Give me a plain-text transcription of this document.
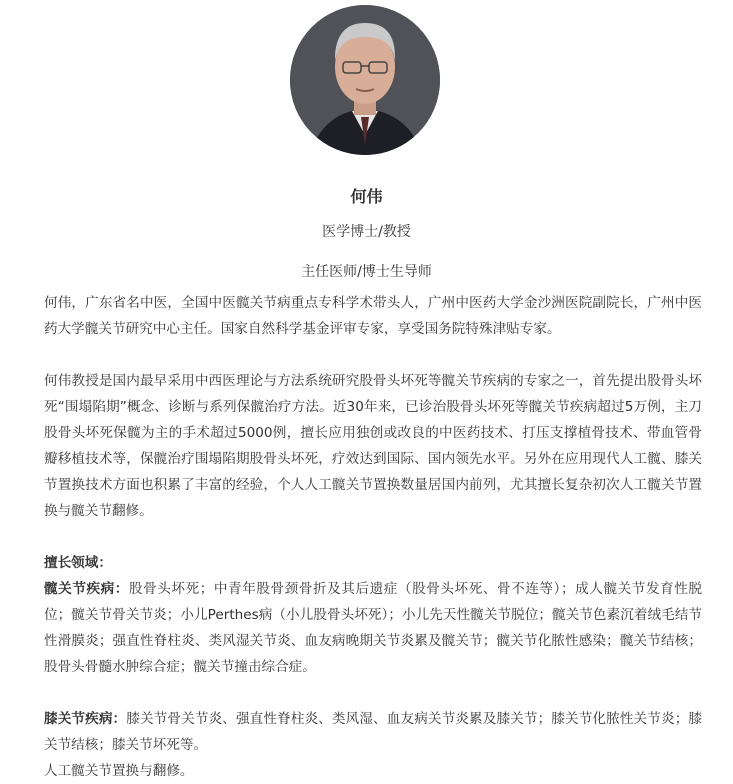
何伟
医学博士/教授
主任医师/博士生导师

何伟，广东省名中医，全国中医髋关节病重点专科学术带头人，广州中医药大学金沙洲医院副院长，广州中医药大学髋关节研究中心主任。国家自然科学基金评审专家，享受国务院特殊津贴专家。

何伟教授是国内最早采用中西医理论与方法系统研究股骨头坏死等髋关节疾病的专家之一，首先提出股骨头坏死“围塌陷期”概念、诊断与系列保髋治疗方法。近30年来，已诊治股骨头坏死等髋关节疾病超过5万例，主刀股骨头坏死保髋为主的手术超过5000例，擅长应用独创或改良的中医药技术、打压支撑植骨技术、带血管骨瓣移植技术等，保髋治疗围塌陷期股骨头坏死，疗效达到国际、国内领先水平。另外在应用现代人工髋、膝关节置换技术方面也积累了丰富的经验，个人人工髋关节置换数量居国内前列，尤其擅长复杂初次人工髋关节置换与髋关节翻修。

擅长领域：

髋关节疾病：股骨头坏死；中青年股骨颈骨折及其后遗症（股骨头坏死、骨不连等）；成人髋关节发育性脱位；髋关节骨关节炎；小儿Perthes病（小儿股骨头坏死）；小儿先天性髋关节脱位；髋关节色素沉着绒毛结节性滑膜炎；强直性脊柱炎、类风湿关节炎、血友病晚期关节炎累及髋关节；髋关节化脓性感染；髋关节结核；股骨头骨髓水肿综合症；髋关节撞击综合症。

膝关节疾病：膝关节骨关节炎、强直性脊柱炎、类风湿、血友病关节炎累及膝关节；膝关节化脓性关节炎；膝关节结核；膝关节坏死等。

人工髋关节置换与翻修。
